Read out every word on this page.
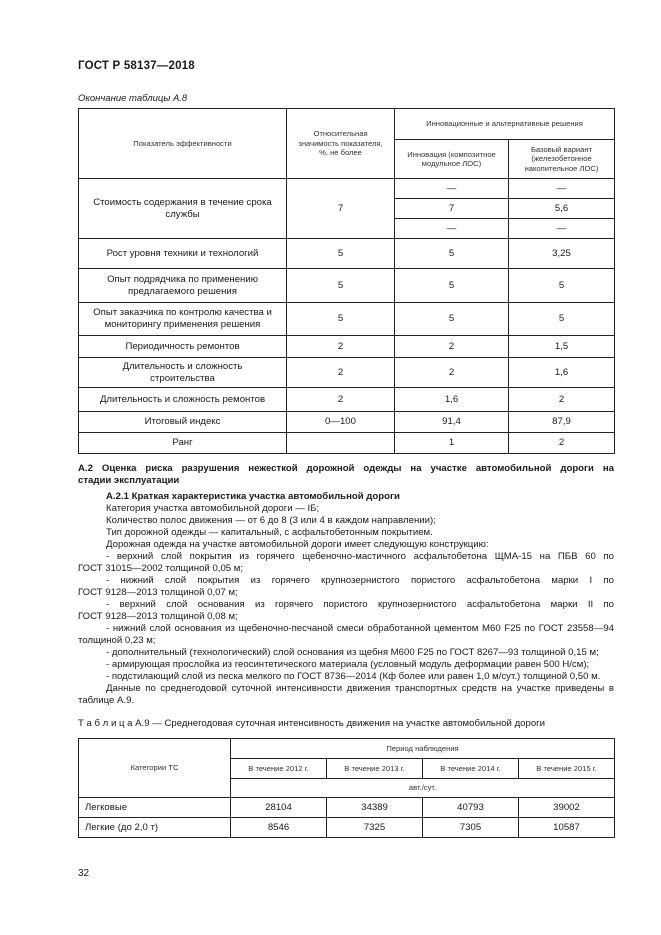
ГОСТ Р 58137—2018
Окончание таблицы А.8
Показатель эффективности	Относительная значимость показателя, %, не более	Инновационные и альтернативные решения	
		Инновация (композитное модульное ЛОС)	Базовый вариант (железобетонное накопительное ЛОС)
Стоимость содержания в течение срока службы	7	—	—
		7	5,6
		—	—
Рост уровня техники и технологий	5	5	3,25
Опыт подрядчика по применению предлагаемого решения	5	5	5
Опыт заказчика по контролю качества и мониторингу применения решения	5	5	5
Периодичность ремонтов	2	2	1,5
Длительность и сложность строительства	2	2	1,6
Длительность и сложность ремонтов	2	1,6	2
Итоговый индекс	0—100	91,4	87,9
Ранг		1	2
А.2 Оценка риска разрушения нежесткой дорожной одежды на участке автомобильной дороги на
стадии эксплуатации
А.2.1 Краткая характеристика участка автомобильной дороги
Категория участка автомобильной дороги — IБ;
Количество полос движения — от 6 до 8 (3 или 4 в каждом направлении);
Тип дорожной одежды — капитальный, с асфальтобетонным покрытием.
Дорожная одежда на участке автомобильной дороги имеет следующую конструкцию:
- верхний слой покрытия из горячего щебеночно-мастичного асфальтобетона ЩМА-15 на ПБВ 60 по
ГОСТ 31015—2002 толщиной 0,05 м;
- нижний слой покрытия из горячего крупнозернистого пористого асфальтобетона марки I по
ГОСТ 9128—2013 толщиной 0,07 м;
- верхний слой основания из горячего пористого крупнозернистого асфальтобетона марки II по
ГОСТ 9128—2013 толщиной 0,08 м;
- нижний слой основания из щебеночно-песчаной смеси обработанной цементом М60 F25 по ГОСТ 23558—94
толщиной 0,23 м;
- дополнительный (технологический) слой основания из щебня М600 F25 по ГОСТ 8267—93 толщиной 0,15 м;
- армирующая прослойка из геосинтетического материала (условный модуль деформации равен 500 Н/см);
- подстилающий слой из песка мелкого по ГОСТ 8736—2014 (Кф более или равен 1,0 м/сут.) толщиной 0,50 м.
Данные по среднегодовой суточной интенсивности движения транспортных средств на участке приведены в
таблице А.9.
Т а б л и ц а А.9 — Среднегодовая суточная интенсивность движения на участке автомобильной дороги
Категории ТС	Период наблюдения			
	В течение 2012 г.	В течение 2013 г.	В течение 2014 г.	В течение 2015 г.
	авт./сут.			
Легковые	28104	34389	40793	39002
Легкие (до 2,0 т)	8546	7325	7305	10587
32
